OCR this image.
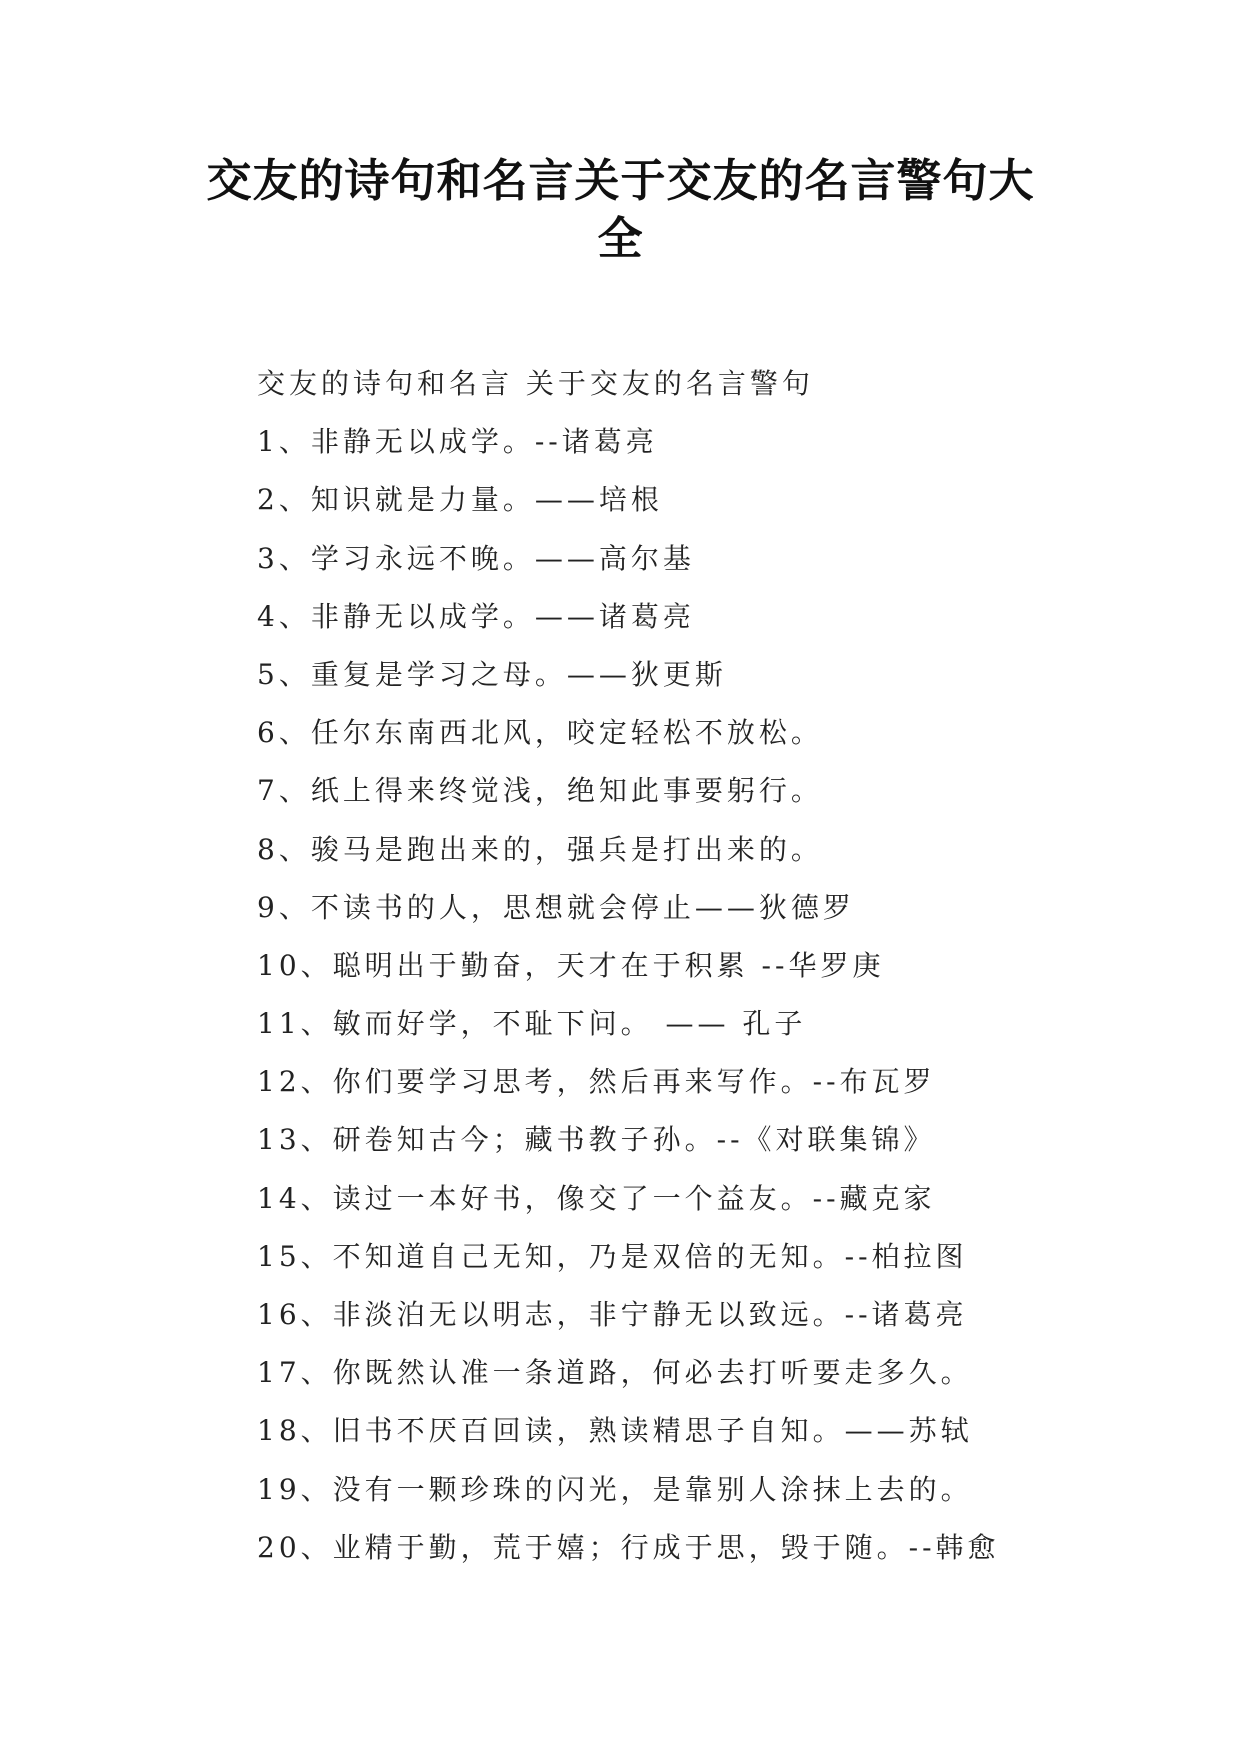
交友的诗句和名言关于交友的名言警句大全

交友的诗句和名言 关于交友的名言警句

1、非静无以成学。--诸葛亮

2、知识就是力量。——培根

3、学习永远不晚。——高尔基

4、非静无以成学。——诸葛亮

5、重复是学习之母。——狄更斯

6、任尔东南西北风，咬定轻松不放松。

7、纸上得来终觉浅，绝知此事要躬行。

8、骏马是跑出来的，强兵是打出来的。

9、不读书的人，思想就会停止——狄德罗

10、聪明出于勤奋，天才在于积累 --华罗庚

11、敏而好学，不耻下问。 —— 孔子

12、你们要学习思考，然后再来写作。--布瓦罗

13、研卷知古今；藏书教子孙。--《对联集锦》

14、读过一本好书，像交了一个益友。--藏克家

15、不知道自己无知，乃是双倍的无知。--柏拉图

16、非淡泊无以明志，非宁静无以致远。--诸葛亮

17、你既然认准一条道路，何必去打听要走多久。

18、旧书不厌百回读，熟读精思子自知。——苏轼

19、没有一颗珍珠的闪光，是靠别人涂抹上去的。

20、业精于勤，荒于嬉；行成于思，毁于随。--韩愈
